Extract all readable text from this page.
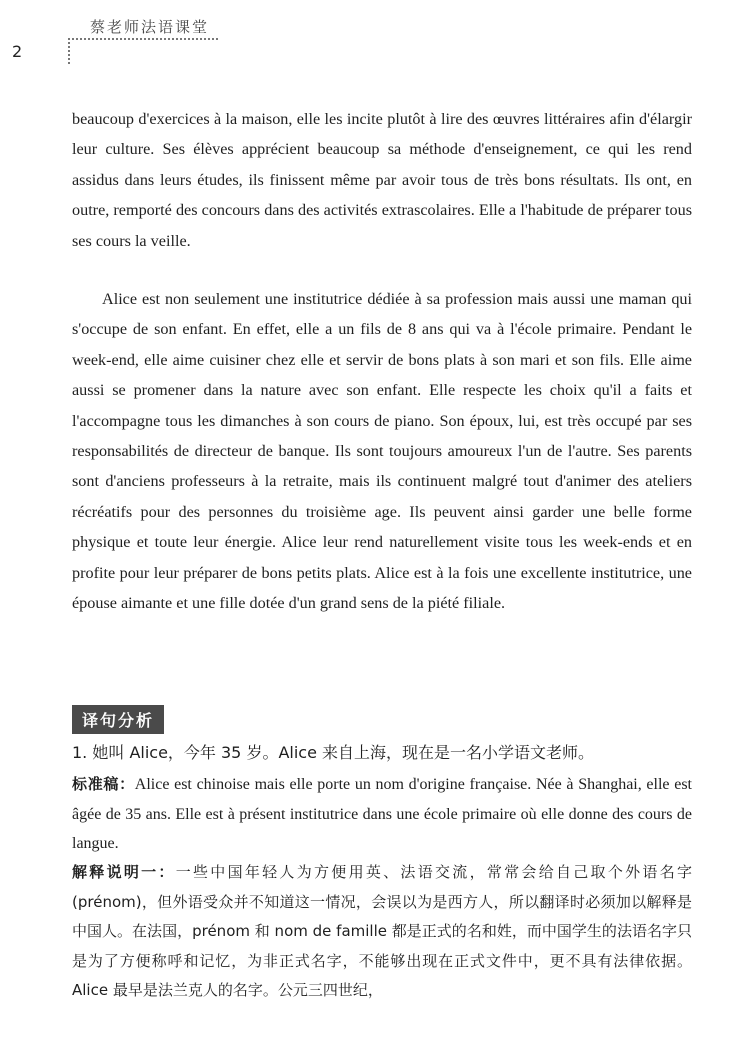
2
蔡老师法语课堂
beaucoup d'exercices à la maison, elle les incite plutôt à lire des œuvres littéraires afin d'élargir leur culture. Ses élèves apprécient beaucoup sa méthode d'enseignement, ce qui les rend assidus dans leurs études, ils finissent même par avoir tous de très bons résultats. Ils ont, en outre, remporté des concours dans des activités extrascolaires. Elle a l'habitude de préparer tous ses cours la veille.
Alice est non seulement une institutrice dédiée à sa profession mais aussi une maman qui s'occupe de son enfant. En effet, elle a un fils de 8 ans qui va à l'école primaire. Pendant le week-end, elle aime cuisiner chez elle et servir de bons plats à son mari et son fils. Elle aime aussi se promener dans la nature avec son enfant. Elle respecte les choix qu'il a faits et l'accompagne tous les dimanches à son cours de piano. Son époux, lui, est très occupé par ses responsabilités de directeur de banque. Ils sont toujours amoureux l'un de l'autre. Ses parents sont d'anciens professeurs à la retraite, mais ils continuent malgré tout d'animer des ateliers récréatifs pour des personnes du troisième age. Ils peuvent ainsi garder une belle forme physique et toute leur énergie. Alice leur rend naturellement visite tous les week-ends et en profite pour leur préparer de bons petits plats. Alice est à la fois une excellente institutrice, une épouse aimante et une fille dotée d'un grand sens de la piété filiale.
译句分析
1. 她叫 Alice，今年 35 岁。Alice 来自上海，现在是一名小学语文老师。
标准稿：Alice est chinoise mais elle porte un nom d'origine française. Née à Shanghai, elle est âgée de 35 ans. Elle est à présent institutrice dans une école primaire où elle donne des cours de langue.
解释说明一：一些中国年轻人为方便用英、法语交流，常常会给自己取个外语名字(prénom)，但外语受众并不知道这一情况，会误以为是西方人，所以翻译时必须加以解释是中国人。在法国，prénom 和 nom de famille 都是正式的名和姓，而中国学生的法语名字只是为了方便称呼和记忆，为非正式名字，不能够出现在正式文件中，更不具有法律依据。Alice 最早是法兰克人的名字。公元三四世纪，
